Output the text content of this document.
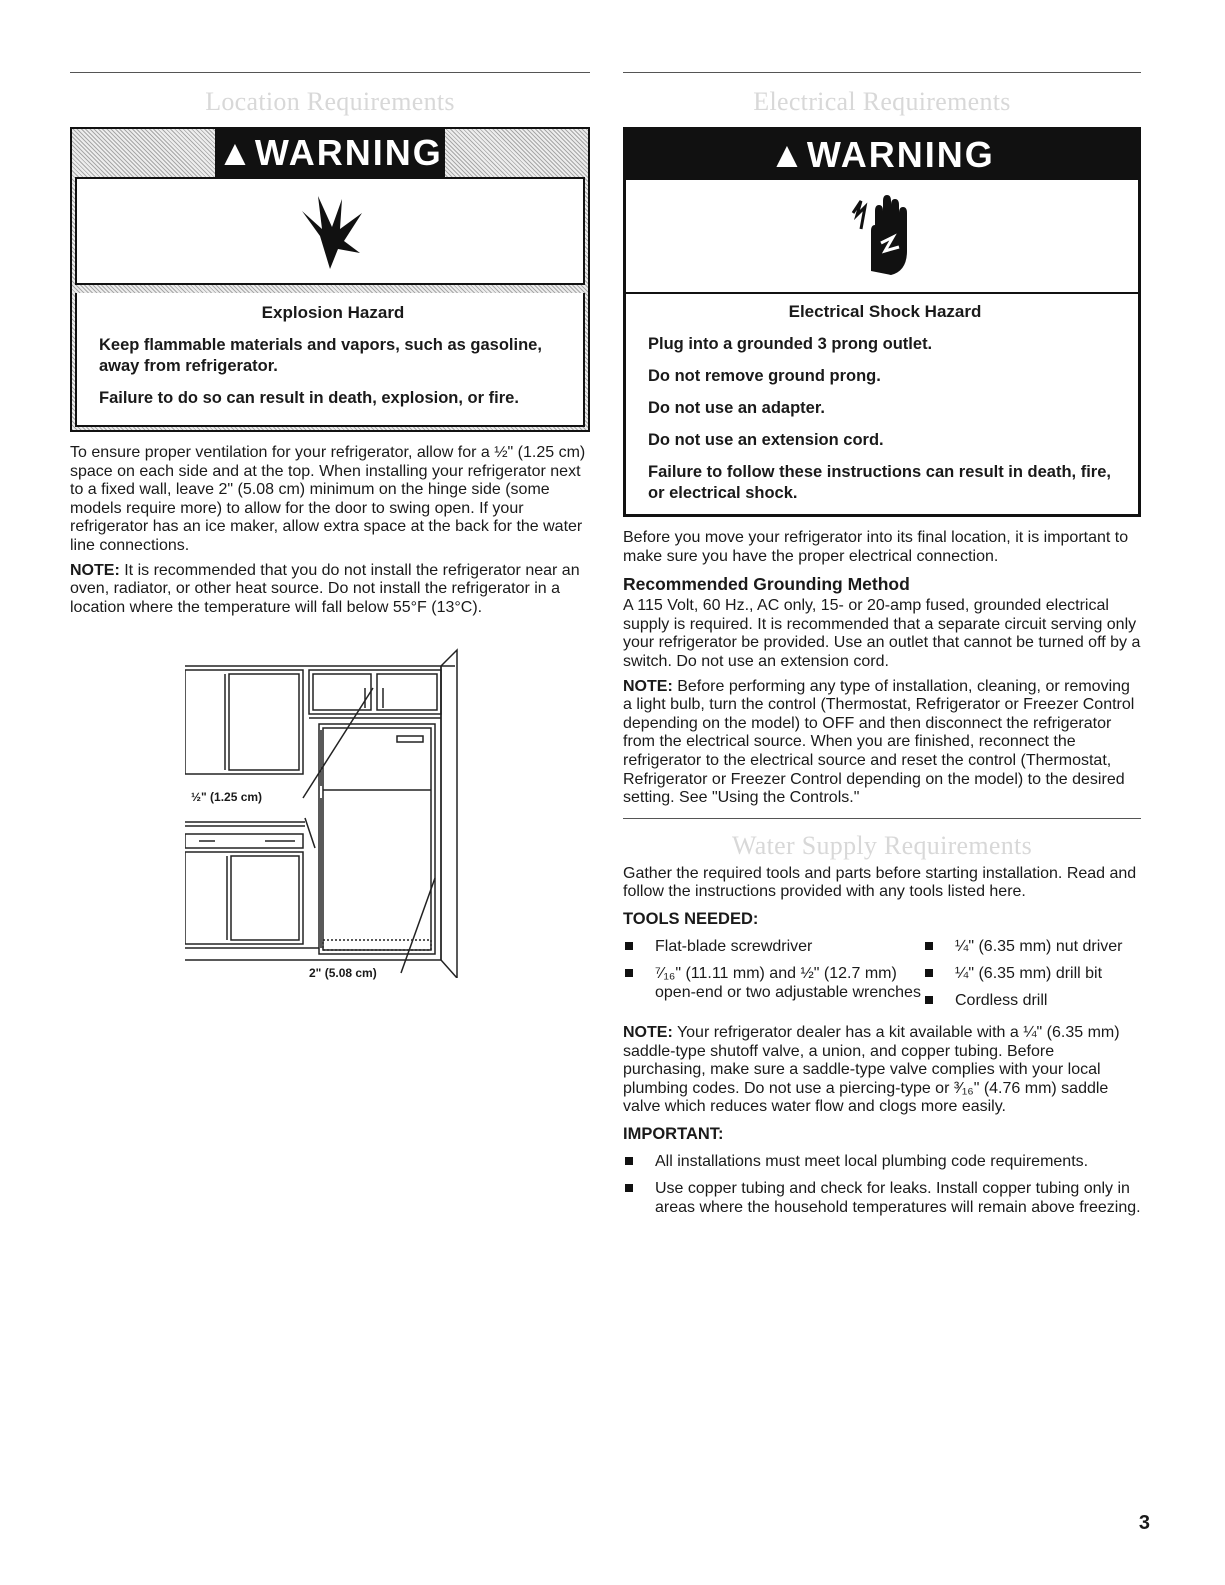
Location Requirements
▲WARNING
Explosion Hazard

Keep flammable materials and vapors, such as gasoline, away from refrigerator.

Failure to do so can result in death, explosion, or fire.

To ensure proper ventilation for your refrigerator, allow for a ½" (1.25 cm) space on each side and at the top. When installing your refrigerator next to a fixed wall, leave 2" (5.08 cm) minimum on the hinge side (some models require more) to allow for the door to swing open. If your refrigerator has an ice maker, allow extra space at the back for the water line connections.

NOTE: It is recommended that you do not install the refrigerator near an oven, radiator, or other heat source. Do not install the refrigerator in a location where the temperature will fall below 55°F (13°C).

½" (1.25 cm)
2" (5.08 cm)
Electrical Requirements
▲WARNING
Electrical Shock Hazard

Plug into a grounded 3 prong outlet.

Do not remove ground prong.

Do not use an adapter.

Do not use an extension cord.

Failure to follow these instructions can result in death, fire, or electrical shock.

Before you move your refrigerator into its final location, it is important to make sure you have the proper electrical connection.

Recommended Grounding Method

A 115 Volt, 60 Hz., AC only, 15- or 20-amp fused, grounded electrical supply is required. It is recommended that a separate circuit serving only your refrigerator be provided. Use an outlet that cannot be turned off by a switch. Do not use an extension cord.

NOTE: Before performing any type of installation, cleaning, or removing a light bulb, turn the control (Thermostat, Refrigerator or Freezer Control depending on the model) to OFF and then disconnect the refrigerator from the electrical source. When you are finished, reconnect the refrigerator to the electrical source and reset the control (Thermostat, Refrigerator or Freezer Control depending on the model) to the desired setting. See "Using the Controls."

Water Supply Requirements

Gather the required tools and parts before starting installation. Read and follow the instructions provided with any tools listed here.

TOOLS NEEDED:
Flat-blade screwdriver
⁷⁄₁₆" (11.11 mm) and ½" (12.7 mm) open-end or two adjustable wrenches
¼" (6.35 mm) nut driver
¼" (6.35 mm) drill bit
Cordless drill

NOTE: Your refrigerator dealer has a kit available with a ¼" (6.35 mm) saddle-type shutoff valve, a union, and copper tubing. Before purchasing, make sure a saddle-type valve complies with your local plumbing codes. Do not use a piercing-type or ³⁄₁₆" (4.76 mm) saddle valve which reduces water flow and clogs more easily.

IMPORTANT:
All installations must meet local plumbing code requirements.
Use copper tubing and check for leaks. Install copper tubing only in areas where the household temperatures will remain above freezing.
3
